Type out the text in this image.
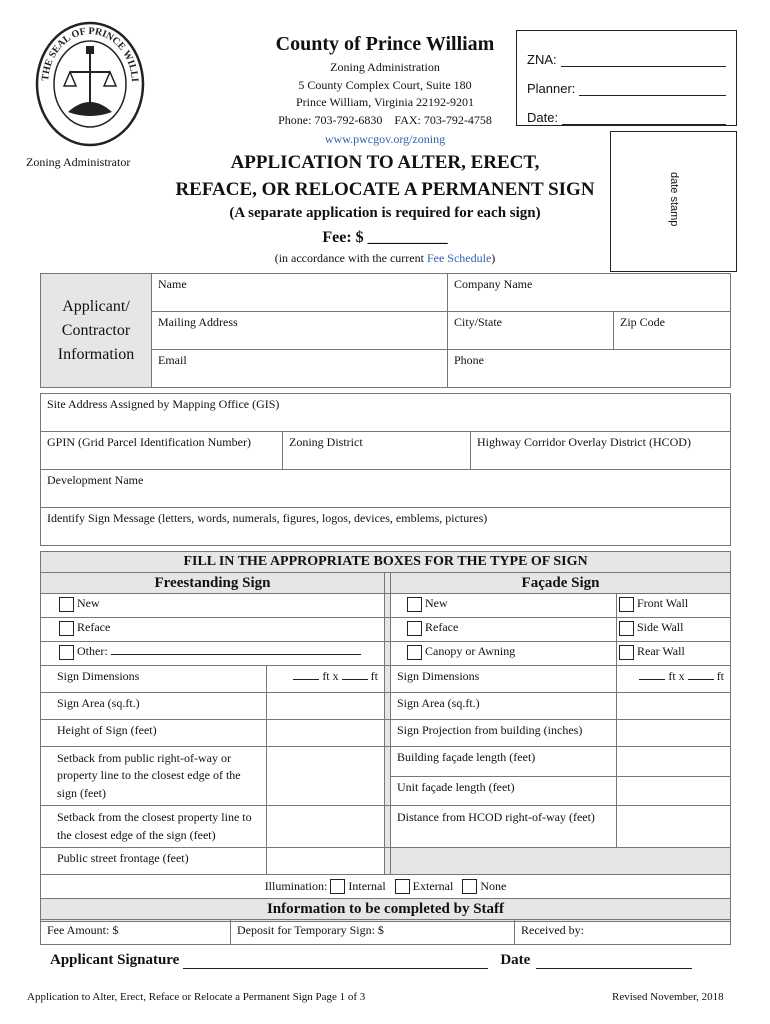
THE SEAL OF PRINCE WILLI
Zoning Administrator
County of Prince William
Zoning Administration
5 County Complex Court, Suite 180
Prince William, Virginia 22192-9201
Phone: 703-792-6830    FAX: 703-792-4758
www.pwcgov.org/zoning
ZNA:
Planner:
Date:
date stamp
APPLICATION TO ALTER, ERECT,
REFACE, OR RELOCATE A PERMANENT SIGN
(A separate application is required for each sign)
Fee: $ __________
(in accordance with the current Fee Schedule)
Applicant/ Contractor Information	Name	Company Name	
	Mailing Address	City/State	Zip Code
	Email	Phone	
Site Address Assigned by Mapping Office (GIS)
GPIN (Grid Parcel Identification Number)	Zoning District	Highway Corridor Overlay District (HCOD)
Development Name
Identify Sign Message (letters, words, numerals, figures, logos, devices, emblems, pictures)
FILL IN THE APPROPRIATE BOXES FOR THE TYPE OF SIGN				
Freestanding Sign			Façade Sign	
New			New	Front Wall
Reface			Reface	Side Wall
Other:			Canopy or Awning	Rear Wall
Sign Dimensions	ft x ft		Sign Dimensions	ft x ft
Sign Area (sq.ft.)			Sign Area (sq.ft.)	
Height of Sign (feet)			Sign Projection from building (inches)	
Setback from public right-of-way or property line to the closest edge of the sign (feet)			Building façade length (feet)	
			Unit façade length (feet)	
Setback from the closest property line to the closest edge of the sign (feet)			Distance from HCOD right-of-way (feet)	
Public street frontage (feet)				
Illumination: Internal External None				
Information to be completed by Staff				
Fee Amount: $	Deposit for Temporary Sign: $	Received by:
Applicant Signature	Date
Application to Alter, Erect, Reface or Relocate a Permanent Sign Page 1 of 3	Revised November, 2018
